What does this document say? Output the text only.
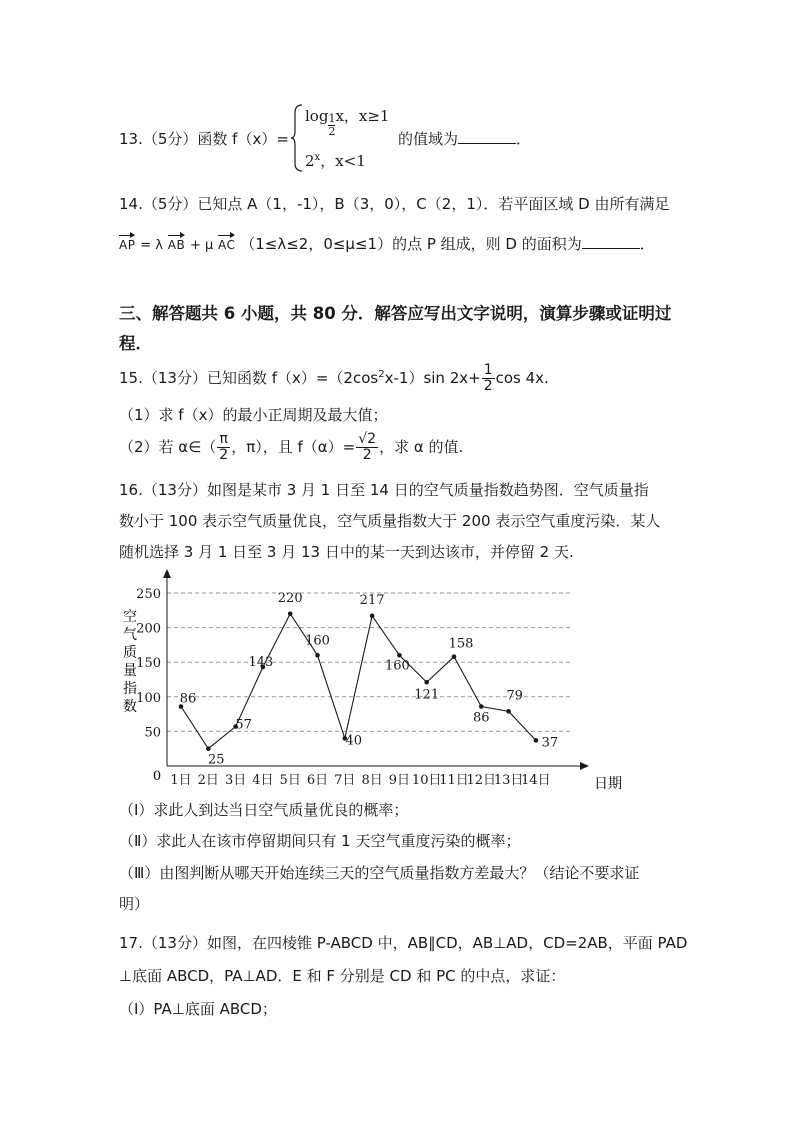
13.（5分）函数 f（x）=
$\log \frac{1}{2}$ x，x≥1
2$^x$，x<1
的值域为	．
14.（5分）已知点 A（1，-1），B（3，0），C（2，1）．若平面区域 D 由所有满足
AP = λ AB + μ AC （1≤λ≤2，0≤μ≤1）的点 P 组成，则 D 的面积为	．
三、解答题共 6 小题，共 80 分．解答应写出文字说明，演算步骤或证明过
程．
15.（13分）已知函数 $f(x)=(2\cos^2x-1)\sin$ $2x+ \frac{1}{2}$ cos 4x.
（1）求 f（x）的最小正周期及最大值；
（2）若 α∈（ $\frac{\pi}{2}$ ，π），且 $f(\alpha)= \frac{√2}{2}$ ，求 α 的值.
16.（13分）如图是某市 3 月 1 日至 14 日的空气质量指数趋势图．空气质量指
数小于 100 表示空气质量优良，空气质量指数大于 200 表示空气重度污染．某人
随机选择 3 月 1 日至 3 月 13 日中的某一天到达该市，并停留 2 天.
50
100
150
200
250
0 1日 2日 3日 4日 5日 6日 7日 8日 9日 10日
11日
12日
13日
14日	日期
空
气
质
量
指
数
86
25
57
143
220
160
40
217
160
121
158
86
79
37
（Ⅰ）求此人到达当日空气质量优良的概率；
（Ⅱ）求此人在该市停留期间只有 1 天空气重度污染的概率；
（Ⅲ）由图判断从哪天开始连续三天的空气质量指数方差最大？（结论不要求证
明）
17.（13分）如图，在四棱锥 P-ABCD 中，AB∥CD，AB⊥AD，CD=2AB，平面 PAD
⊥底面 ABCD，PA⊥AD．E 和 F 分别是 CD 和 PC 的中点，求证：
（Ⅰ）PA⊥底面 ABCD；
